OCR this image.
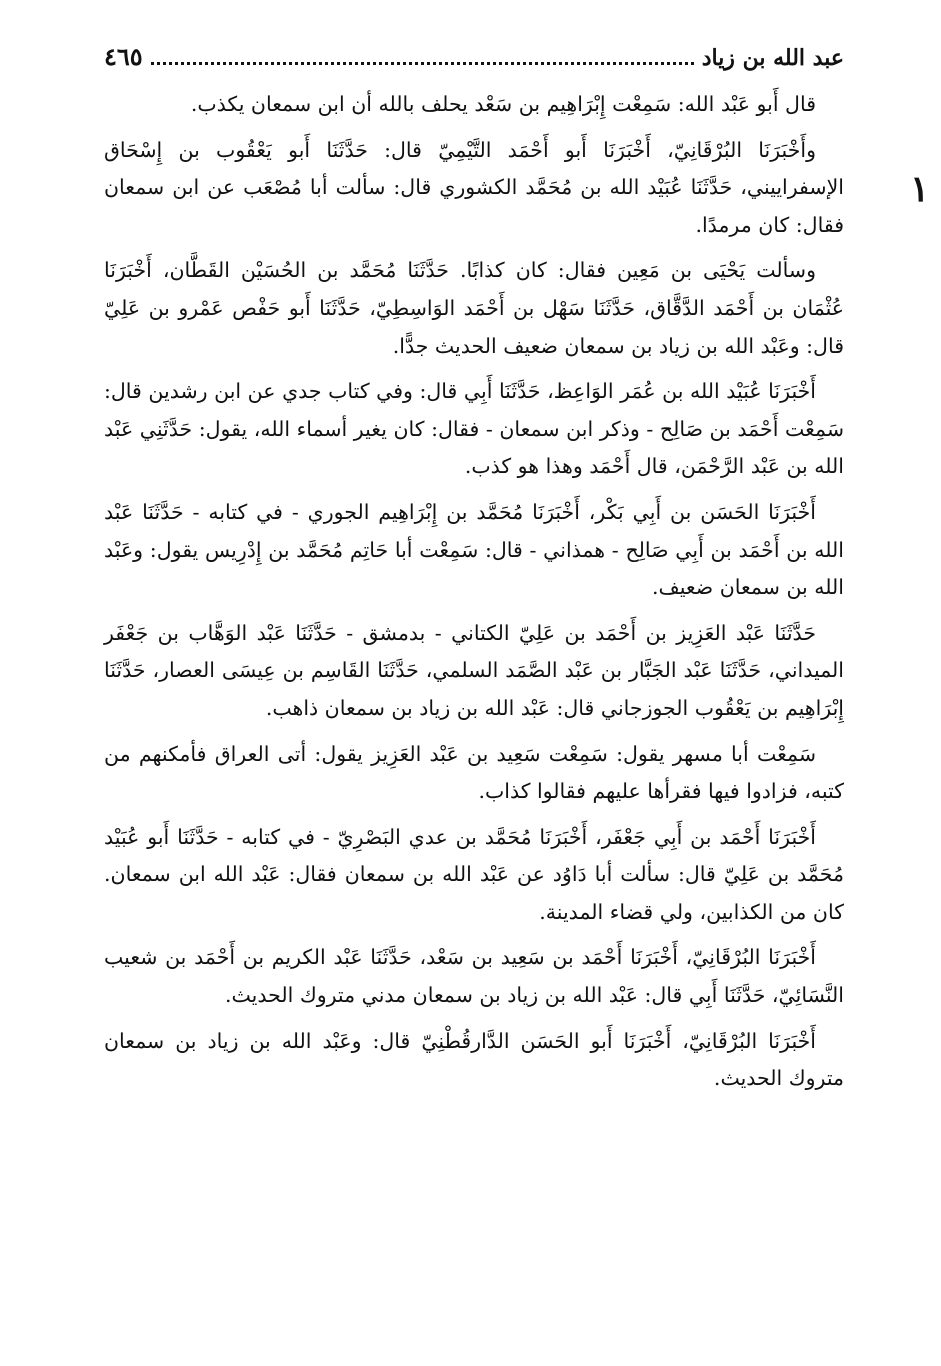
عبد الله بن زياد
٤٦٥
١

قال أَبو عَبْد الله: سَمِعْت إِبْرَاهِيم بن سَعْد يحلف بالله أن ابن سمعان يكذب.

وأَخْبَرَنَا البُرْقَانِيّ، أَخْبَرَنَا أَبو أَحْمَد التَّيْمِيّ قال: حَدَّثَنَا أَبو يَعْقُوب بن إِسْحَاق الإسفراييني، حَدَّثَنَا عُبَيْد الله بن مُحَمَّد الكشوري قال: سألت أبا مُصْعَب عن ابن سمعان فقال: كان مرمدًا.

وسألت يَحْيَى بن مَعِين فقال: كان كذابًا. حَدَّثَنَا مُحَمَّد بن الحُسَيْن القَطَّان، أَخْبَرَنَا عُثْمَان بن أَحْمَد الدَّقَّاق، حَدَّثَنَا سَهْل بن أَحْمَد الوَاسِطِيّ، حَدَّثَنَا أَبو حَفْص عَمْرو بن عَلِيّ قال: وعَبْد الله بن زياد بن سمعان ضعيف الحديث جدًّا.

أَخْبَرَنَا عُبَيْد الله بن عُمَر الوَاعِظ، حَدَّثَنَا أَبِي قال: وفي كتاب جدي عن ابن رشدين قال: سَمِعْت أَحْمَد بن صَالِح - وذكر ابن سمعان - فقال: كان يغير أسماء الله، يقول: حَدَّثَنِي عَبْد الله بن عَبْد الرَّحْمَن، قال أَحْمَد وهذا هو كذب.

أَخْبَرَنَا الحَسَن بن أَبِي بَكْر، أَخْبَرَنَا مُحَمَّد بن إِبْرَاهِيم الجوري - في كتابه - حَدَّثَنَا عَبْد الله بن أَحْمَد بن أَبِي صَالِح - همذاني - قال: سَمِعْت أبا حَاتِم مُحَمَّد بن إِدْرِيس يقول: وعَبْد الله بن سمعان ضعيف.

حَدَّثَنَا عَبْد العَزِيز بن أَحْمَد بن عَلِيّ الكتاني - بدمشق - حَدَّثَنَا عَبْد الوَهَّاب بن جَعْفَر الميداني، حَدَّثَنَا عَبْد الجَبَّار بن عَبْد الصَّمَد السلمي، حَدَّثَنَا القَاسِم بن عِيسَى العصار، حَدَّثَنَا إِبْرَاهِيم بن يَعْقُوب الجوزجاني قال: عَبْد الله بن زياد بن سمعان ذاهب.

سَمِعْت أبا مسهر يقول: سَمِعْت سَعِيد بن عَبْد العَزِيز يقول: أتى العراق فأمكنهم من كتبه، فزادوا فيها فقرأها عليهم فقالوا كذاب.

أَخْبَرَنَا أَحْمَد بن أَبِي جَعْفَر، أَخْبَرَنَا مُحَمَّد بن عدي البَصْرِيّ - في كتابه - حَدَّثَنَا أَبو عُبَيْد مُحَمَّد بن عَلِيّ قال: سألت أبا دَاوُد عن عَبْد الله بن سمعان فقال: عَبْد الله ابن سمعان. كان من الكذابين، ولي قضاء المدينة.

أَخْبَرَنَا البُرْقَانِيّ، أَخْبَرَنَا أَحْمَد بن سَعِيد بن سَعْد، حَدَّثَنَا عَبْد الكريم بن أَحْمَد بن شعيب النَّسَائِيّ، حَدَّثَنَا أَبِي قال: عَبْد الله بن زياد بن سمعان مدني متروك الحديث.

أَخْبَرَنَا البُرْقَانِيّ، أَخْبَرَنَا أَبو الحَسَن الدَّارقُطْنِيّ قال: وعَبْد الله بن زياد بن سمعان متروك الحديث.
